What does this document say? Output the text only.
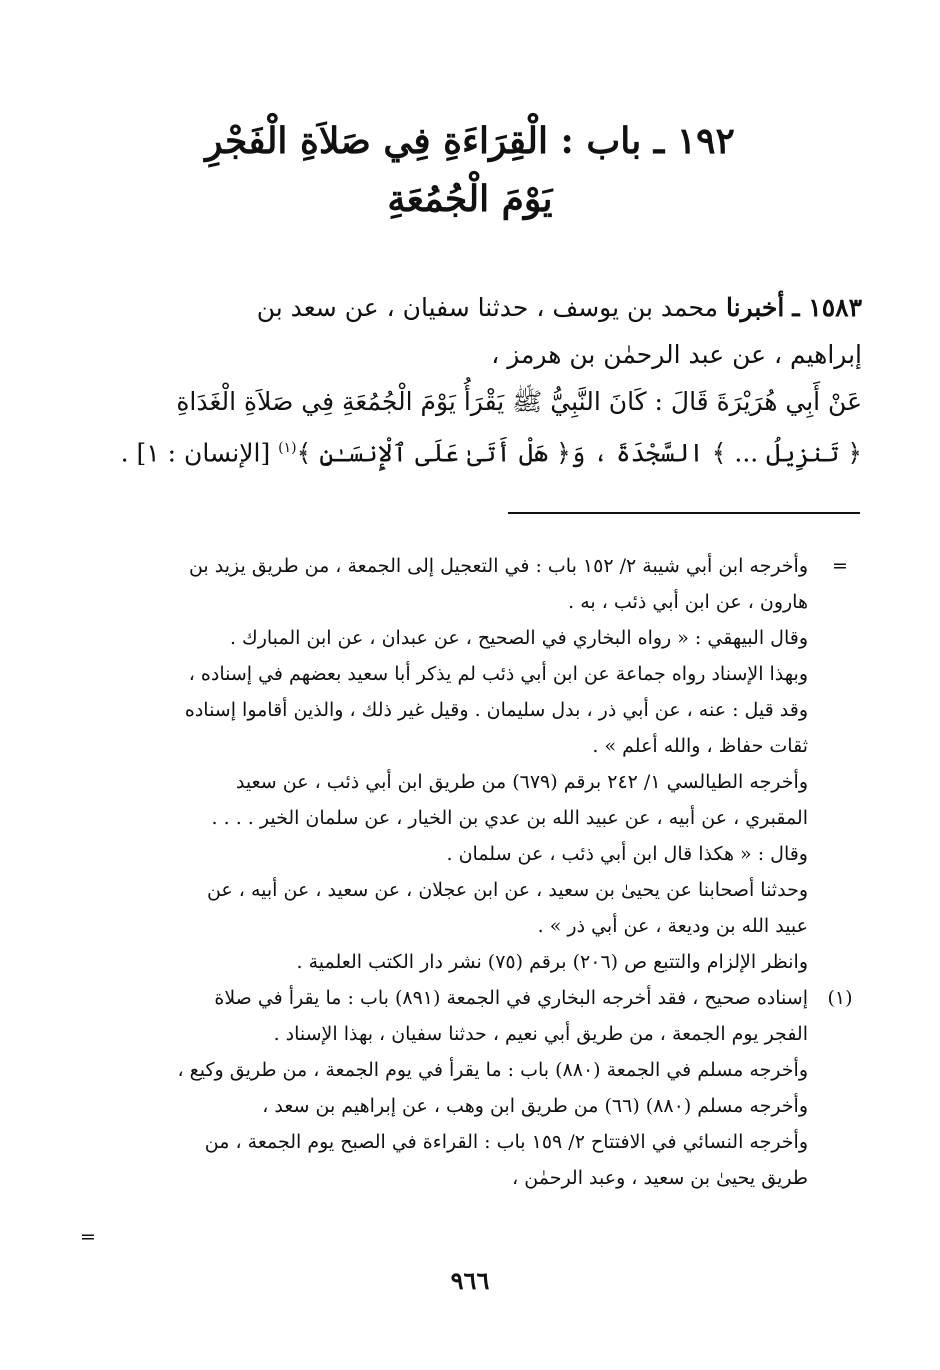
١٩٢ ـ باب : الْقِرَاءَةِ فِي صَلاَةِ الْفَجْرِ
يَوْمَ الْجُمُعَةِ
١٥٨٣ ـ أخبرنا محمد بن يوسف ، حدثنا سفيان ، عن سعد بن
إبراهيم ، عن عبد الرحمٰن بن هرمز ،
عَنْ أَبِي هُرَيْرَةَ قَالَ : كَانَ النَّبِيُّ ﷺ يَقْرَأُ يَوْمَ الْجُمُعَةِ فِي صَلاَةِ الْغَدَاةِ
﴿ تَنزِيلُ ... ﴾ السَّجْدَةَ ، وَ﴿ هَلْ أَتَىٰ عَلَى ٱلْإِنسَـٰنِ ﴾$^{(١)}$ [الإنسان : ١] .
=
وأخرجه ابن أبي شيبة ٢/ ١٥٢ باب : في التعجيل إلى الجمعة ، من طريق يزيد بن
هارون ، عن ابن أبي ذئب ، به .
وقال البيهقي : « رواه البخاري في الصحيح ، عن عبدان ، عن ابن المبارك .
وبهذا الإسناد رواه جماعة عن ابن أبي ذئب لم يذكر أبا سعيد بعضهم في إسناده ،
وقد قيل : عنه ، عن أبي ذر ، بدل سليمان . وقيل غير ذلك ، والذين أقاموا إسناده
ثقات حفاظ ، والله أعلم » .
وأخرجه الطيالسي ١/ ٢٤٢ برقم (٦٧٩) من طريق ابن أبي ذئب ، عن سعيد
المقبري ، عن أبيه ، عن عبيد الله بن عدي بن الخيار ، عن سلمان الخير . . . .
وقال : « هكذا قال ابن أبي ذئب ، عن سلمان .
وحدثنا أصحابنا عن يحيىٰ بن سعيد ، عن ابن عجلان ، عن سعيد ، عن أبيه ، عن
عبيد الله بن وديعة ، عن أبي ذر » .
وانظر الإلزام والتتبع ص (٢٠٦) برقم (٧٥) نشر دار الكتب العلمية .
(١)
إسناده صحيح ، فقد أخرجه البخاري في الجمعة (٨٩١) باب : ما يقرأ في صلاة
الفجر يوم الجمعة ، من طريق أبي نعيم ، حدثنا سفيان ، بهذا الإسناد .
وأخرجه مسلم في الجمعة (٨٨٠) باب : ما يقرأ في يوم الجمعة ، من طريق وكيع ،
وأخرجه مسلم (٨٨٠) (٦٦) من طريق ابن وهب ، عن إبراهيم بن سعد ،
وأخرجه النسائي في الافتتاح ٢/ ١٥٩ باب : القراءة في الصبح يوم الجمعة ، من
طريق يحيىٰ بن سعيد ، وعبد الرحمٰن ،
=
٩٦٦
